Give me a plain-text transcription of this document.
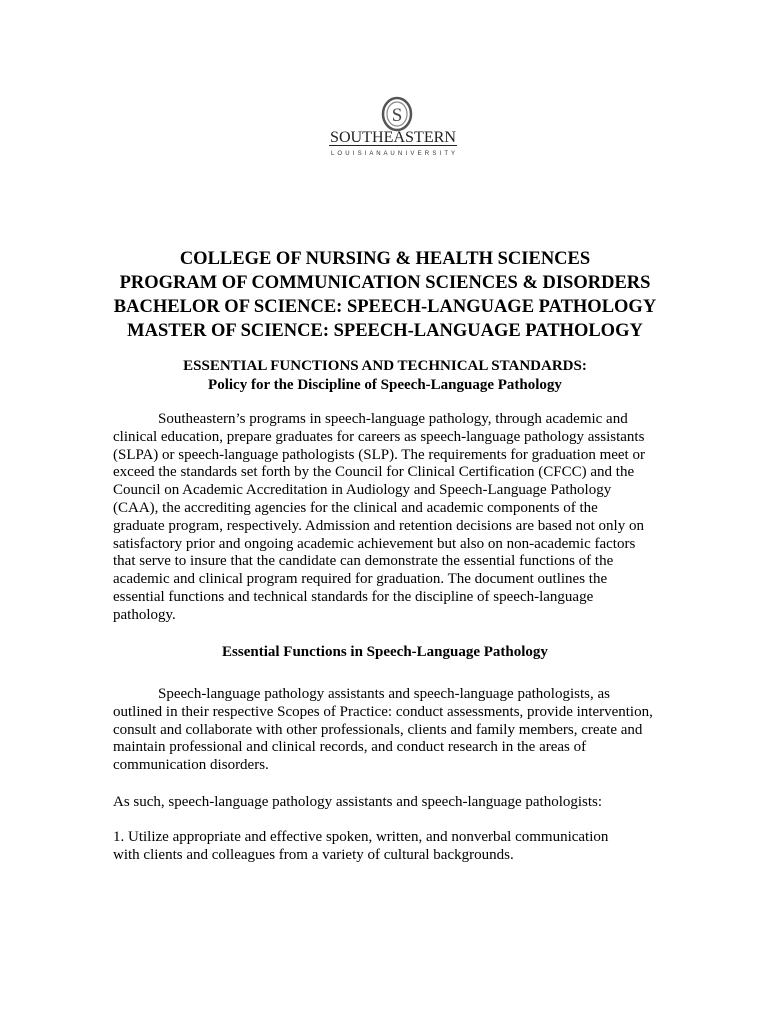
S
SOUTHEASTERN
L O U I S I A N A U N I V E R S I T Y
COLLEGE OF NURSING & HEALTH SCIENCES
PROGRAM OF COMMUNICATION SCIENCES & DISORDERS
BACHELOR OF SCIENCE: SPEECH-LANGUAGE PATHOLOGY
MASTER OF SCIENCE: SPEECH-LANGUAGE PATHOLOGY
ESSENTIAL FUNCTIONS AND TECHNICAL STANDARDS:
Policy for the Discipline of Speech-Language Pathology
Southeastern’s programs in speech-language pathology, through academic and
clinical education, prepare graduates for careers as speech-language pathology assistants
(SLPA) or speech-language pathologists (SLP). The requirements for graduation meet or
exceed the standards set forth by the Council for Clinical Certification (CFCC) and the
Council on Academic Accreditation in Audiology and Speech-Language Pathology
(CAA), the accrediting agencies for the clinical and academic components of the
graduate program, respectively. Admission and retention decisions are based not only on
satisfactory prior and ongoing academic achievement but also on non-academic factors
that serve to insure that the candidate can demonstrate the essential functions of the
academic and clinical program required for graduation. The document outlines the
essential functions and technical standards for the discipline of speech-language
pathology.
Essential Functions in Speech-Language Pathology
Speech-language pathology assistants and speech-language pathologists, as
outlined in their respective Scopes of Practice: conduct assessments, provide intervention,
consult and collaborate with other professionals, clients and family members, create and
maintain professional and clinical records, and conduct research in the areas of
communication disorders.
As such, speech-language pathology assistants and speech-language pathologists:
1. Utilize appropriate and effective spoken, written, and nonverbal communication
with clients and colleagues from a variety of cultural backgrounds.
